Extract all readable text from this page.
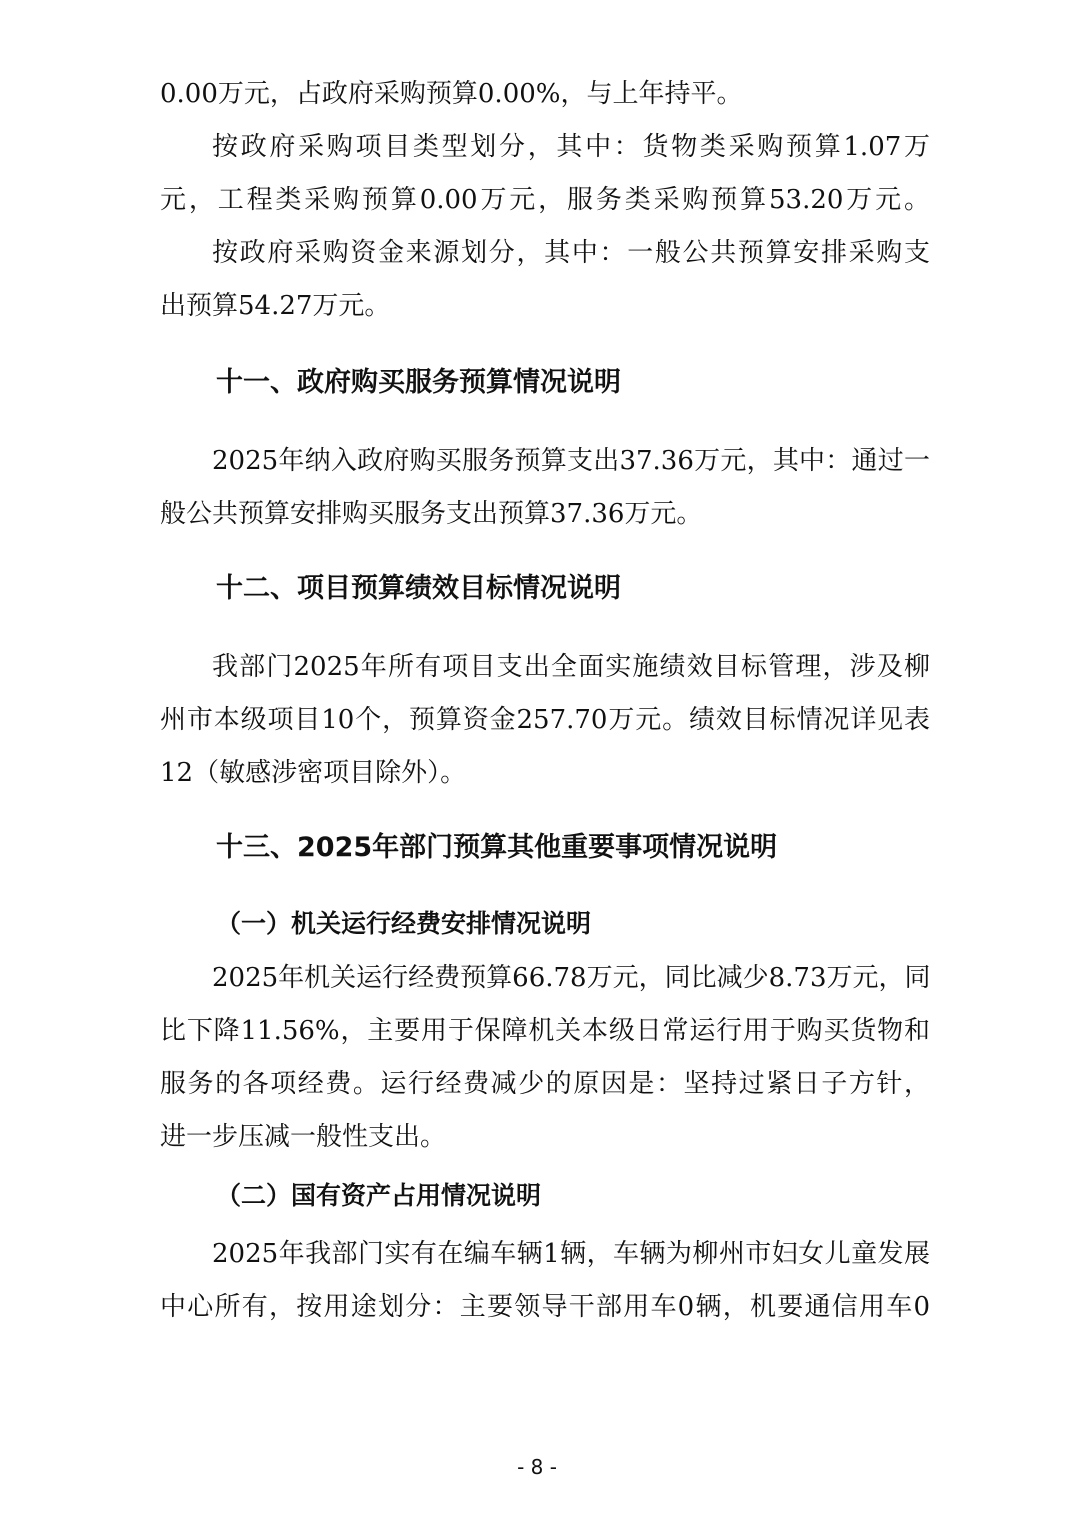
0.00万元，占政府采购预算0.00%，与上年持平。
按政府采购项目类型划分，其中：货物类采购预算1.07万
元，工程类采购预算0.00万元，服务类采购预算53.20万元。
按政府采购资金来源划分，其中：一般公共预算安排采购支
出预算54.27万元。
十一、政府购买服务预算情况说明
2025年纳入政府购买服务预算支出37.36万元，其中：通过一
般公共预算安排购买服务支出预算37.36万元。
十二、项目预算绩效目标情况说明
我部门2025年所有项目支出全面实施绩效目标管理，涉及柳
州市本级项目10个，预算资金257.70万元。绩效目标情况详见表
12（敏感涉密项目除外）。
十三、2025年部门预算其他重要事项情况说明
（一）机关运行经费安排情况说明
2025年机关运行经费预算66.78万元，同比减少8.73万元，同
比下降11.56%，主要用于保障机关本级日常运行用于购买货物和
服务的各项经费。运行经费减少的原因是：坚持过紧日子方针，
进一步压减一般性支出。
（二）国有资产占用情况说明
2025年我部门实有在编车辆1辆，车辆为柳州市妇女儿童发展
中心所有，按用途划分：主要领导干部用车0辆，机要通信用车0
- 8 -
